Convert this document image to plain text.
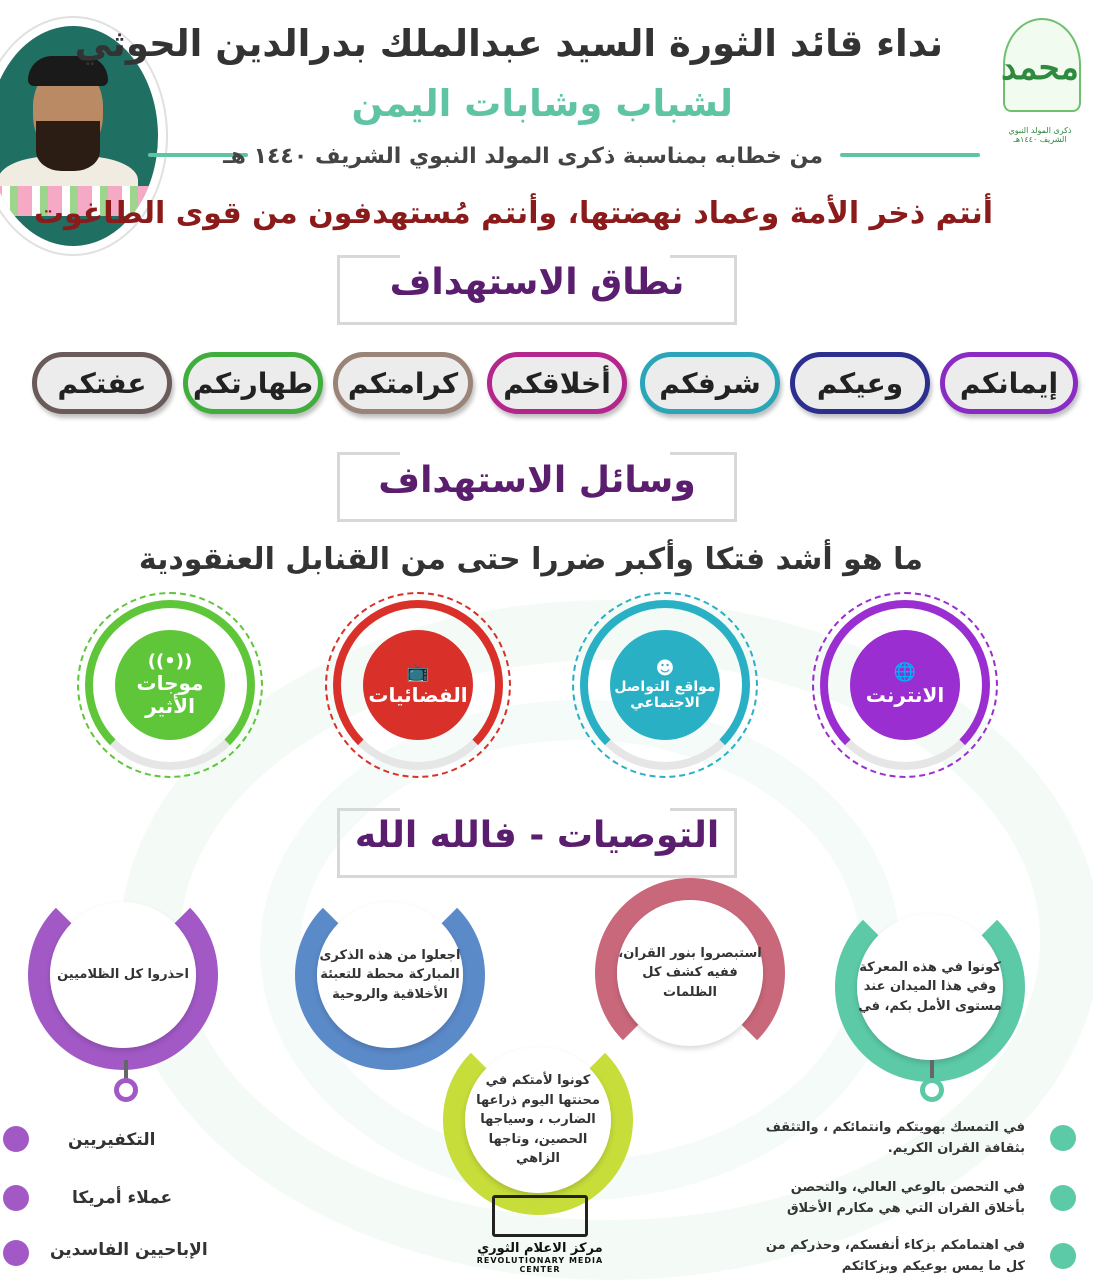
محمد
ذكرى المولد النبوي الشريف ١٤٤٠هـ
نداء قائد الثورة السيد عبدالملك بدرالدين الحوثي
لشباب وشابات اليمن
من خطابه بمناسبة ذكرى المولد النبوي الشريف ١٤٤٠ هـ
أنتم ذخر الأمة وعماد نهضتها، وأنتم مُستهدفون من قوى الطاغوت
نطاق الاستهداف
إيمانكم
وعيكم
شرفكم
أخلاقكم
كرامتكم
طهارتكم
عفتكم
وسائل الاستهداف
ما هو أشد فتكا وأكبر ضررا حتى من القنابل العنقودية
🌐
الانترنت
☻
مواقع التواصل الاجتماعي
📺
الفضائيات
((•))
موجات الأثير
التوصيات - فالله الله
كونوا في هذه المعركة وفي هذا الميدان عند مستوى الأمل بكم، في
استبصروا بنور القران، ففيه كشف كل الظلمات
كونوا لأمتكم في محنتها اليوم ذراعها الضارب ، وسياجها الحصين، وتاجها الزاهي
اجعلوا من هذه الذكرى المباركة محطة للتعبئة الأخلاقية والروحية
احذروا كل الظلاميين
في التمسك بهويتكم وانتمائكم ، والتثقف بثقافة القران الكريم.
في التحصن بالوعي العالي، والتحصن بأخلاق القران التي هي مكارم الأخلاق
في اهتمامكم بزكاء أنفسكم، وحذركم من كل ما يمس بوعيكم وبزكائكم
التكفيريين
عملاء أمريكا
الإباحيين الفاسدين	مركز الاعلام الثوري
REVOLUTIONARY MEDIA CENTER
